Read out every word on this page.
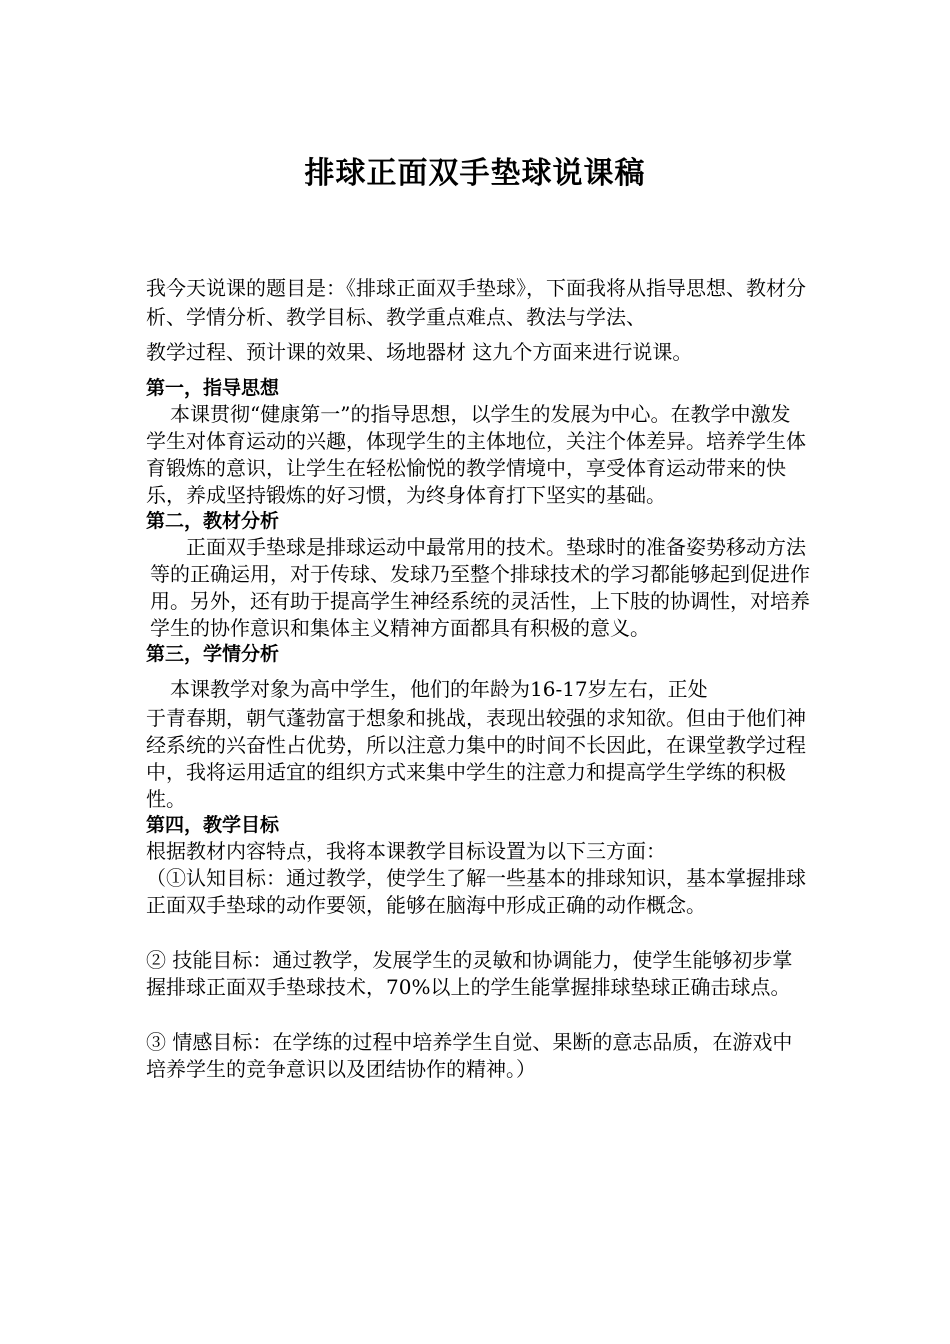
排球正面双手垫球说课稿

我今天说课的题目是：《排球正面双手垫球》，下面我将从指导思想、教材分析、学情分析、教学目标、教学重点难点、教法与学法、

教学过程、预计课的效果、场地器材 这九个方面来进行说课。

第一，指导思想

本课贯彻“健康第一”的指导思想，以学生的发展为中心。在教学中激发学生对体育运动的兴趣，体现学生的主体地位，关注个体差异。培养学生体育锻炼的意识，让学生在轻松愉悦的教学情境中，享受体育运动带来的快乐，养成坚持锻炼的好习惯，为终身体育打下坚实的基础。

第二，教材分析

正面双手垫球是排球运动中最常用的技术。垫球时的准备姿势移动方法等的正确运用，对于传球、发球乃至整个排球技术的学习都能够起到促进作用。另外，还有助于提高学生神经系统的灵活性，上下肢的协调性，对培养学生的协作意识和集体主义精神方面都具有积极的意义。

第三，学情分析

本课教学对象为高中学生，他们的年龄为16-17岁左右，正处

于青春期，朝气蓬勃富于想象和挑战，表现出较强的求知欲。但由于他们神经系统的兴奋性占优势，所以注意力集中的时间不长因此，在课堂教学过程中，我将运用适宜的组织方式来集中学生的注意力和提高学生学练的积极性。

第四，教学目标

根据教材内容特点，我将本课教学目标设置为以下三方面：

（①认知目标：通过教学，使学生了解一些基本的排球知识，基本掌握排球正面双手垫球的动作要领，能够在脑海中形成正确的动作概念。

② 技能目标：通过教学，发展学生的灵敏和协调能力，使学生能够初步掌握排球正面双手垫球技术，70%以上的学生能掌握排球垫球正确击球点。

③ 情感目标：在学练的过程中培养学生自觉、果断的意志品质，在游戏中培养学生的竞争意识以及团结协作的精神。）
